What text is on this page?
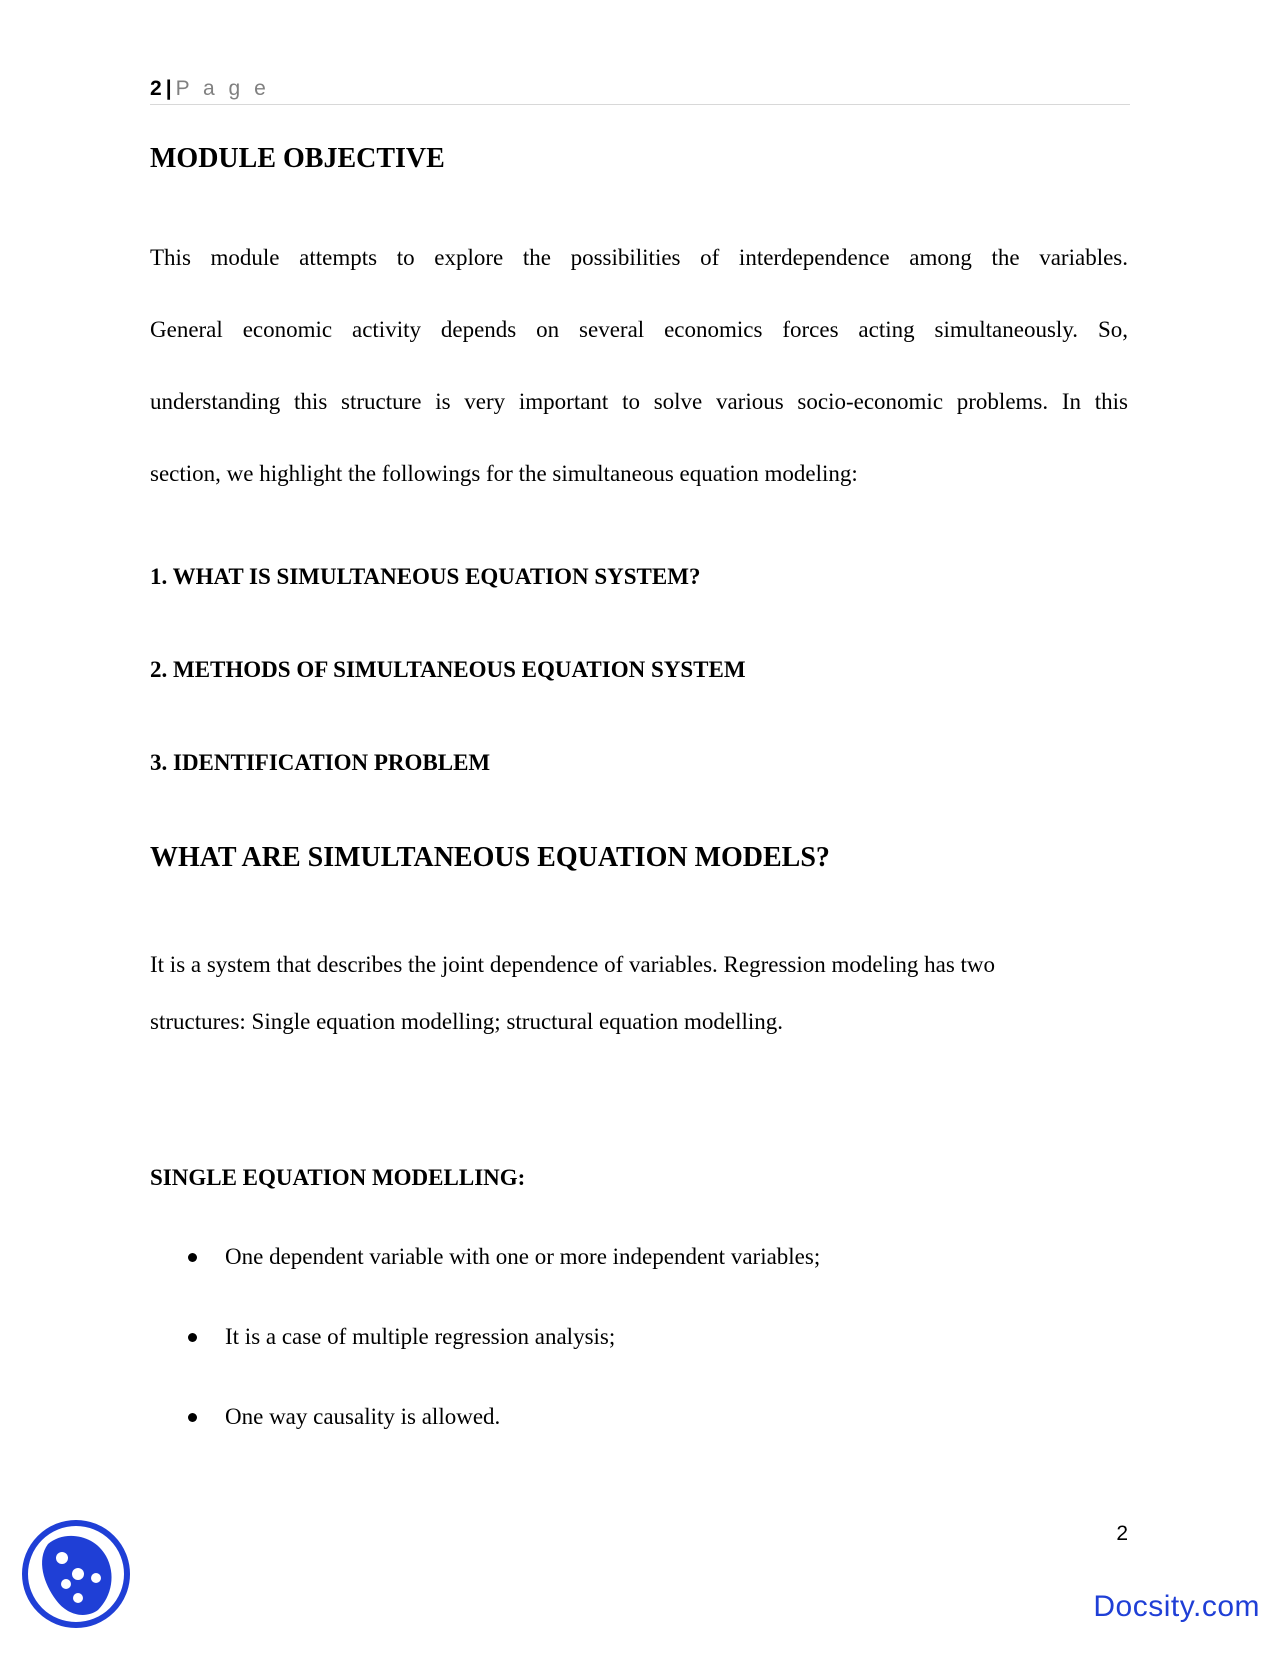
2 | P a g e
MODULE OBJECTIVE
This module attempts to explore the possibilities of interdependence among the variables.
General economic activity depends on several economics forces acting simultaneously. So,
understanding this structure is very important to solve various socio-economic problems. In this
section, we highlight the followings for the simultaneous equation modeling:
1. WHAT IS SIMULTANEOUS EQUATION SYSTEM?
2. METHODS OF SIMULTANEOUS EQUATION SYSTEM
3. IDENTIFICATION PROBLEM
WHAT ARE SIMULTANEOUS EQUATION MODELS?
It is a system that describes the joint dependence of variables. Regression modeling has two
structures: Single equation modelling; structural equation modelling.
SINGLE EQUATION MODELLING:
One dependent variable with one or more independent variables;
It is a case of multiple regression analysis;
One way causality is allowed.
2
Docsity.com
